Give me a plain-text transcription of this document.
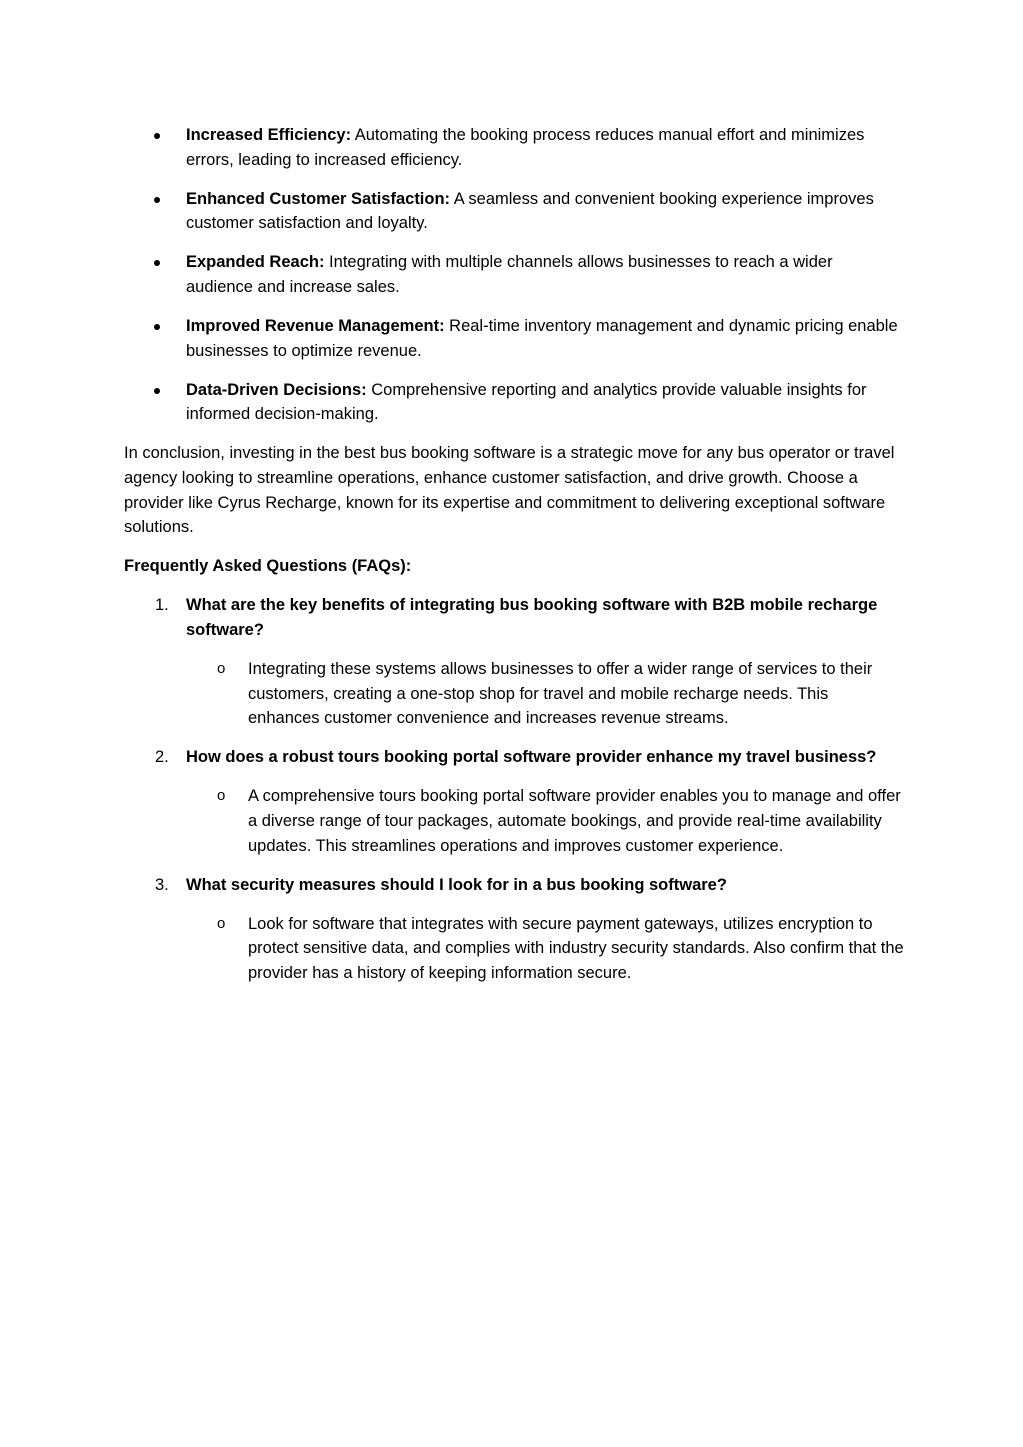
Increased Efficiency: Automating the booking process reduces manual effort and minimizes errors, leading to increased efficiency.
Enhanced Customer Satisfaction: A seamless and convenient booking experience improves customer satisfaction and loyalty.
Expanded Reach: Integrating with multiple channels allows businesses to reach a wider audience and increase sales.
Improved Revenue Management: Real-time inventory management and dynamic pricing enable businesses to optimize revenue.
Data-Driven Decisions: Comprehensive reporting and analytics provide valuable insights for informed decision-making.

In conclusion, investing in the best bus booking software is a strategic move for any bus operator or travel agency looking to streamline operations, enhance customer satisfaction, and drive growth. Choose a provider like Cyrus Recharge, known for its expertise and commitment to delivering exceptional software solutions.

Frequently Asked Questions (FAQs):
1. What are the key benefits of integrating bus booking software with B2B mobile recharge software?
o Integrating these systems allows businesses to offer a wider range of services to their customers, creating a one-stop shop for travel and mobile recharge needs. This enhances customer convenience and increases revenue streams.
2. How does a robust tours booking portal software provider enhance my travel business?
o A comprehensive tours booking portal software provider enables you to manage and offer a diverse range of tour packages, automate bookings, and provide real-time availability updates. This streamlines operations and improves customer experience.
3. What security measures should I look for in a bus booking software?
o Look for software that integrates with secure payment gateways, utilizes encryption to protect sensitive data, and complies with industry security standards. Also confirm that the provider has a history of keeping information secure.
